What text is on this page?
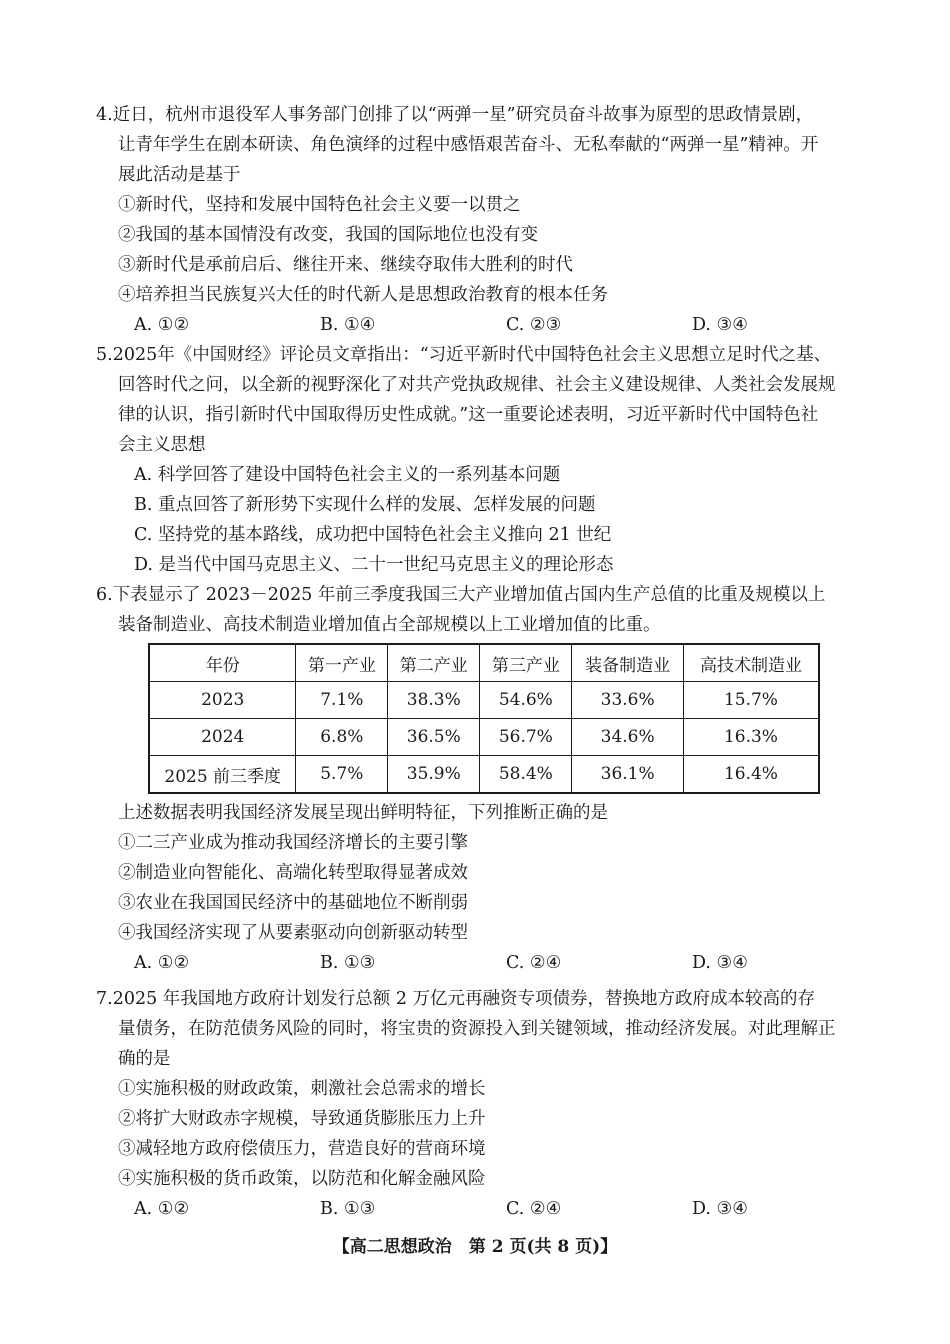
4.近日，杭州市退役军人事务部门创排了以“两弹一星”研究员奋斗故事为原型的思政情景剧，

让青年学生在剧本研读、角色演绎的过程中感悟艰苦奋斗、无私奉献的“两弹一星”精神。开

展此活动是基于

①新时代，坚持和发展中国特色社会主义要一以贯之

②我国的基本国情没有改变，我国的国际地位也没有变

③新时代是承前启后、继往开来、继续夺取伟大胜利的时代

④培养担当民族复兴大任的时代新人是思想政治教育的根本任务

A. ①②	B. ①④	C. ②③	D. ③④

5.2025年《中国财经》评论员文章指出：“习近平新时代中国特色社会主义思想立足时代之基、

回答时代之问，以全新的视野深化了对共产党执政规律、社会主义建设规律、人类社会发展规

律的认识，指引新时代中国取得历史性成就。”这一重要论述表明，习近平新时代中国特色社

会主义思想

A. 科学回答了建设中国特色社会主义的一系列基本问题

B. 重点回答了新形势下实现什么样的发展、怎样发展的问题

C. 坚持党的基本路线，成功把中国特色社会主义推向 21 世纪

D. 是当代中国马克思主义、二十一世纪马克思主义的理论形态

6.下表显示了 2023－2025 年前三季度我国三大产业增加值占国内生产总值的比重及规模以上

装备制造业、高技术制造业增加值占全部规模以上工业增加值的比重。

年份	第一产业	第二产业	第三产业	装备制造业	高技术制造业
2023	7.1%	38.3%	54.6%	33.6%	15.7%
2024	6.8%	36.5%	56.7%	34.6%	16.3%
2025 前三季度	5.7%	35.9%	58.4%	36.1%	16.4%

上述数据表明我国经济发展呈现出鲜明特征，下列推断正确的是

①二三产业成为推动我国经济增长的主要引擎

②制造业向智能化、高端化转型取得显著成效

③农业在我国国民经济中的基础地位不断削弱

④我国经济实现了从要素驱动向创新驱动转型

A. ①②	B. ①③	C. ②④	D. ③④

7.2025 年我国地方政府计划发行总额 2 万亿元再融资专项债券，替换地方政府成本较高的存

量债务，在防范债务风险的同时，将宝贵的资源投入到关键领域，推动经济发展。对此理解正

确的是

①实施积极的财政政策，刺激社会总需求的增长

②将扩大财政赤字规模，导致通货膨胀压力上升

③减轻地方政府偿债压力，营造良好的营商环境

④实施积极的货币政策，以防范和化解金融风险

A. ①②	B. ①③	C. ②④	D. ③④
【高二思想政治　第 2 页(共 8 页)】
